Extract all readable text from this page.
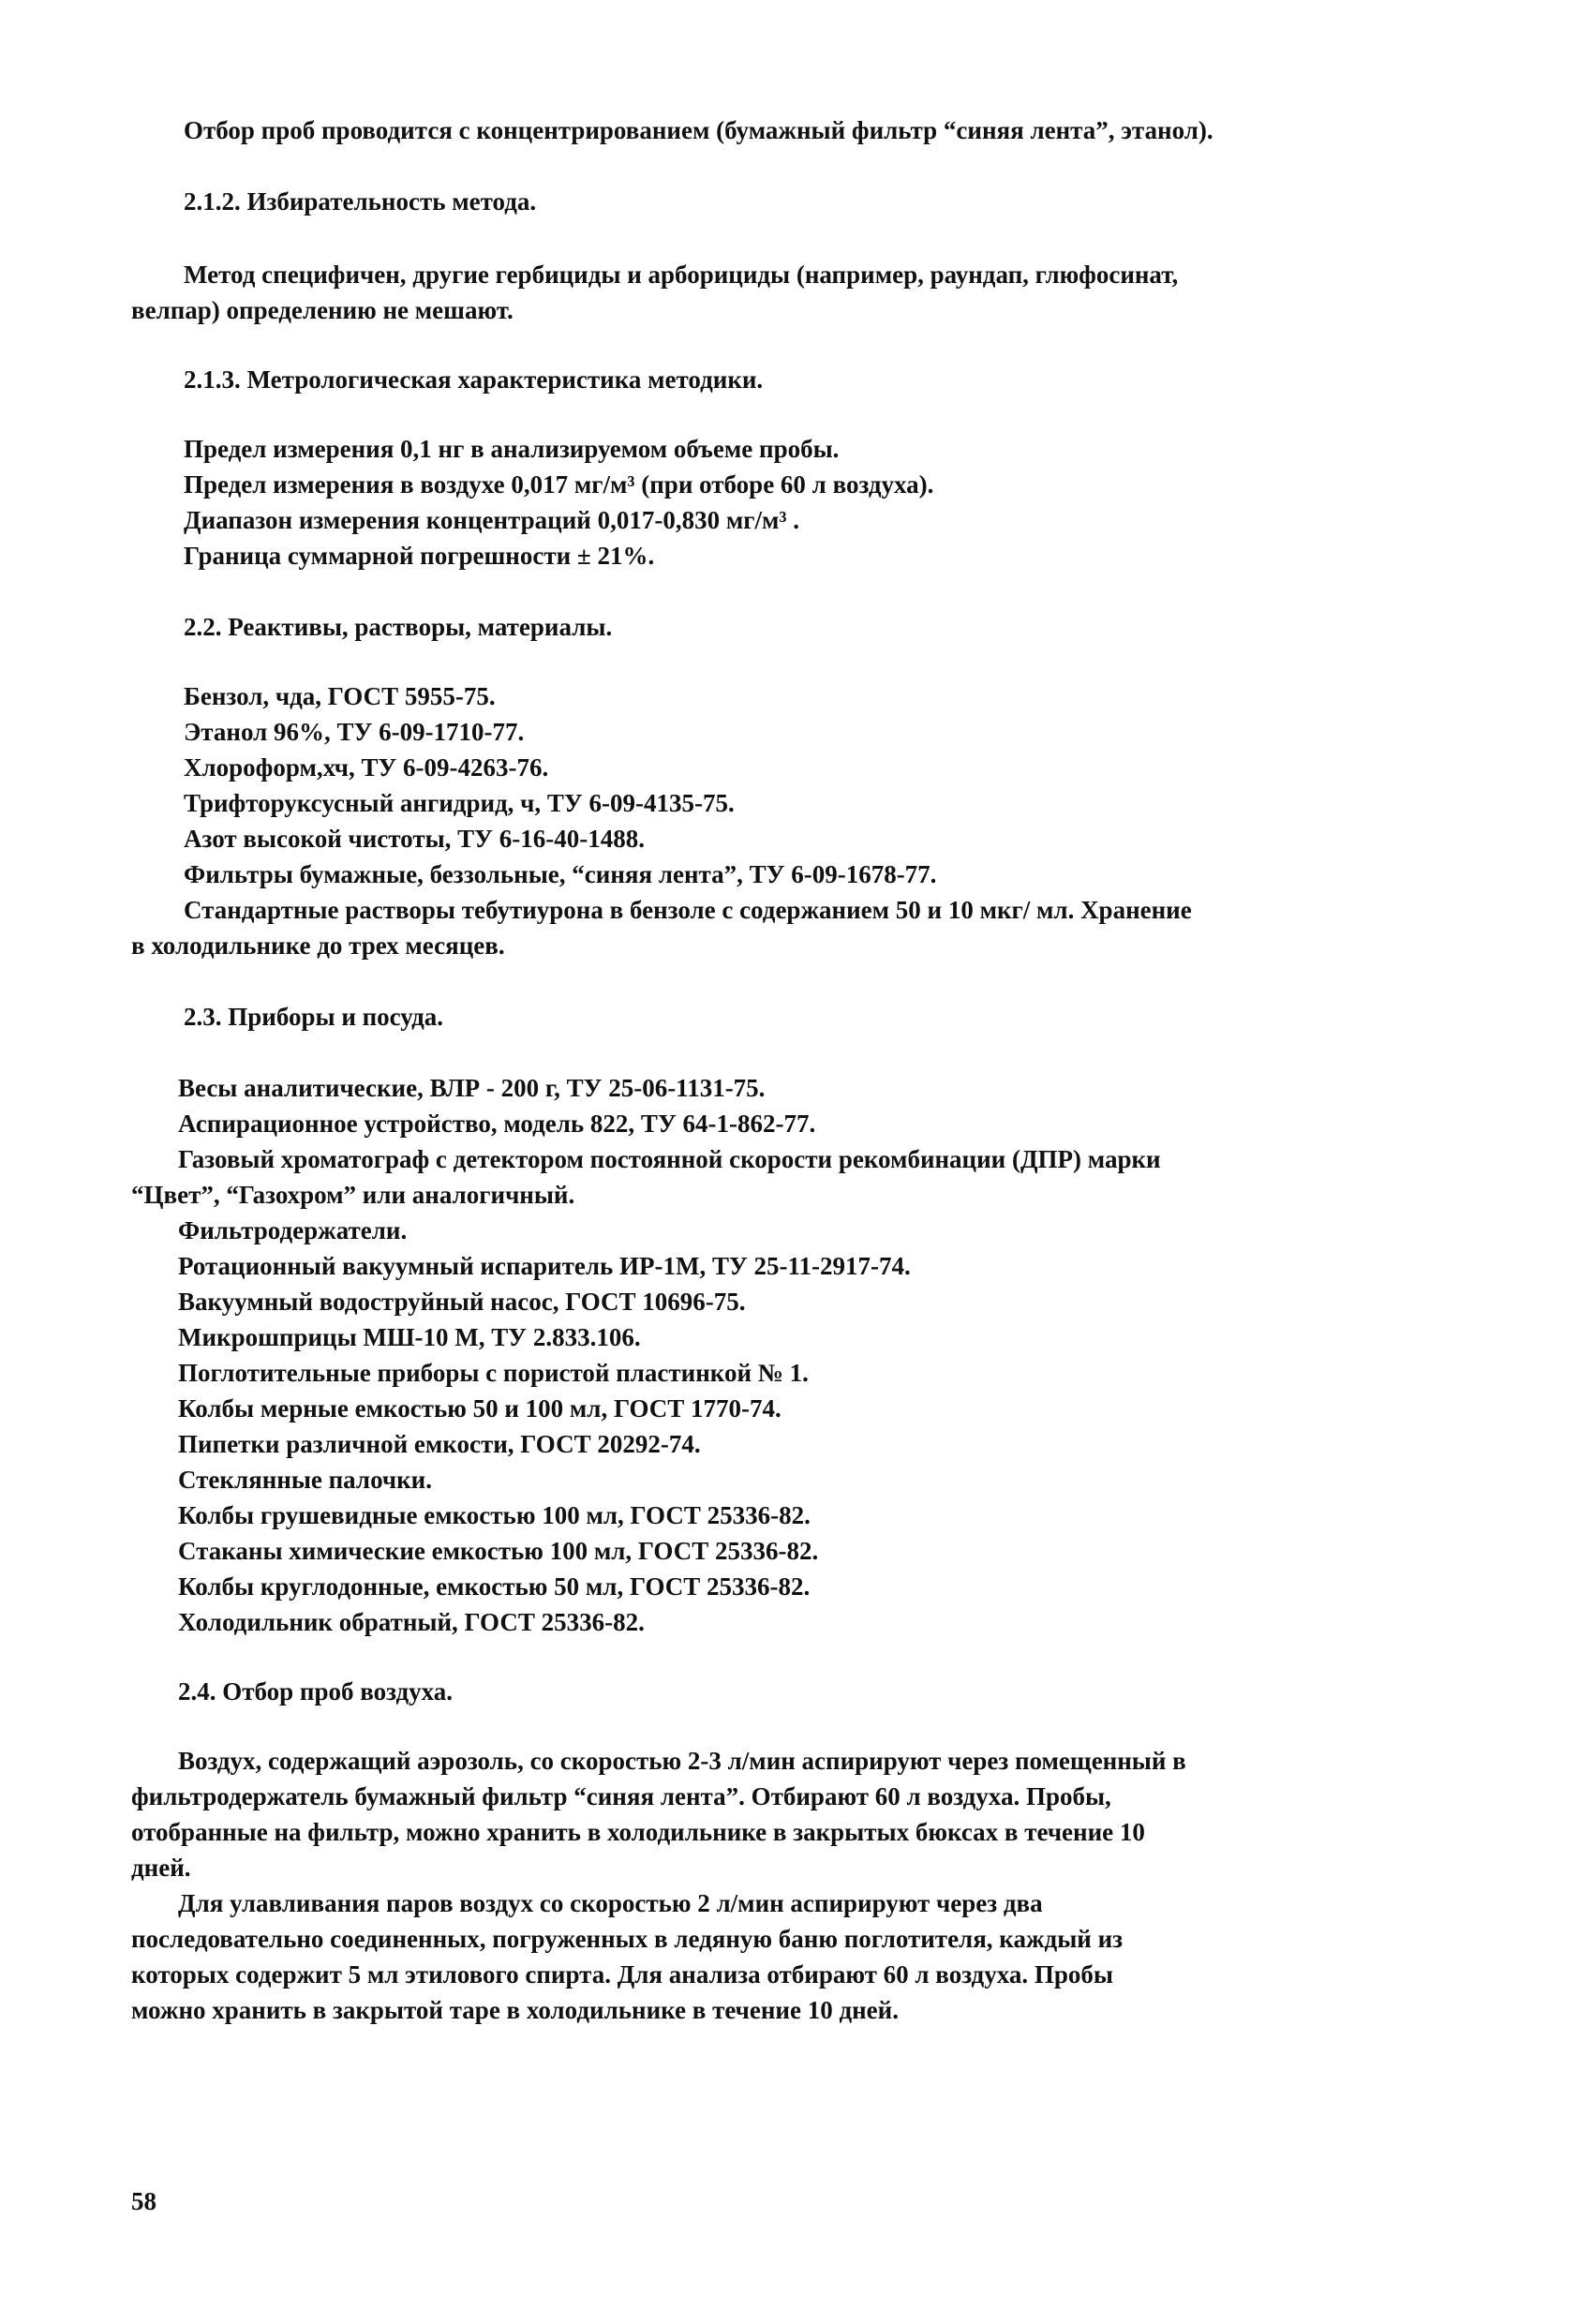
Отбор проб проводится с концентрированием (бумажный фильтр “синяя лента”, этанол).

2.1.2. Избирательность метода.

Метод специфичен, другие гербициды и арборициды (например, раундап, глюфосинат,

велпар) определению не мешают.

2.1.3. Метрологическая характеристика методики.

Предел измерения 0,1 нг в анализируемом объеме пробы.

Предел измерения в воздухе 0,017 мг/м³ (при отборе 60 л воздуха).

Диапазон измерения концентраций 0,017-0,830 мг/м³ .

Граница суммарной погрешности ± 21%.

2.2. Реактивы, растворы, материалы.

Бензол, чда, ГОСТ 5955-75.

Этанол 96%, ТУ 6-09-1710-77.

Хлороформ,хч, ТУ 6-09-4263-76.

Трифторуксусный ангидрид, ч, ТУ 6-09-4135-75.

Азот высокой чистоты, ТУ 6-16-40-1488.

Фильтры бумажные, беззольные, “синяя лента”, ТУ 6-09-1678-77.

Стандартные растворы тебутиурона в бензоле с содержанием 50 и 10 мкг/ мл. Хранение

в холодильнике до трех месяцев.

2.3. Приборы и посуда.

Весы аналитические, ВЛР - 200 г, ТУ 25-06-1131-75.

Аспирационное устройство, модель 822, ТУ 64-1-862-77.

Газовый хроматограф с детектором постоянной скорости рекомбинации (ДПР) марки

“Цвет”, “Газохром” или аналогичный.

Фильтродержатели.

Ротационный вакуумный испаритель ИР-1М, ТУ 25-11-2917-74.

Вакуумный водоструйный насос, ГОСТ 10696-75.

Микрошприцы МШ-10 М, ТУ 2.833.106.

Поглотительные приборы с пористой пластинкой № 1.

Колбы мерные емкостью 50 и 100 мл, ГОСТ 1770-74.

Пипетки различной емкости, ГОСТ 20292-74.

Стеклянные палочки.

Колбы грушевидные емкостью 100 мл, ГОСТ 25336-82.

Стаканы химические емкостью 100 мл, ГОСТ 25336-82.

Колбы круглодонные, емкостью 50 мл, ГОСТ 25336-82.

Холодильник обратный, ГОСТ 25336-82.

2.4. Отбор проб воздуха.

Воздух, содержащий аэрозоль, со скоростью 2-3 л/мин аспирируют через помещенный в

фильтродержатель бумажный фильтр “синяя лента”. Отбирают 60 л воздуха. Пробы,

отобранные на фильтр, можно хранить в холодильнике в закрытых бюксах в течение 10

дней.

Для улавливания паров воздух со скоростью 2 л/мин аспирируют через два

последовательно соединенных, погруженных в ледяную баню поглотителя, каждый из

которых содержит 5 мл этилового спирта. Для анализа отбирают 60 л воздуха. Пробы

можно хранить в закрытой таре в холодильнике в течение 10 дней.

58
